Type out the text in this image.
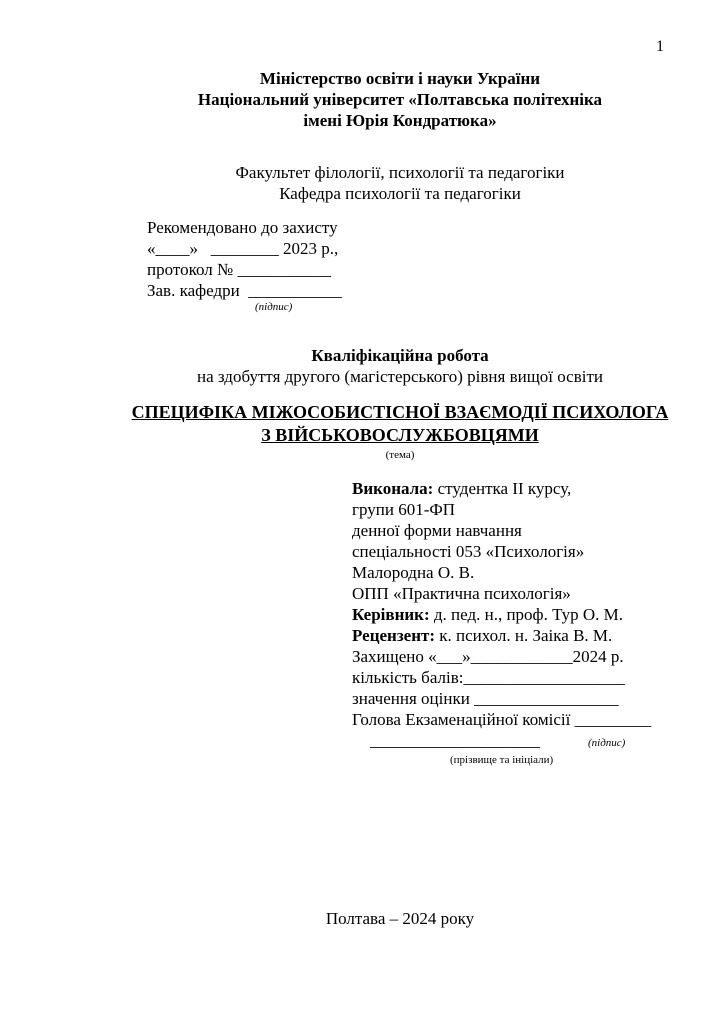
1
Міністерство освіти і науки України
Національний університет «Полтавська політехніка
імені Юрія Кондратюка»
Факультет філології, психології та педагогіки
Кафедра психології та педагогіки
Рекомендовано до захисту
«____»   ________ 2023 р.,
протокол № ___________
Зав. кафедри  ___________
(підпис)
Кваліфікаційна робота
на здобуття другого (магістерського) рівня вищої освіти
СПЕЦИФІКА МІЖОСОБИСТІСНОЇ ВЗАЄМОДІЇ ПСИХОЛОГА
З ВІЙСЬКОВОСЛУЖБОВЦЯМИ
(тема)
Виконала: студентка ІІ курсу,
групи 601-ФП
денної форми навчання
спеціальності 053 «Психологія»
Малородна О. В.
ОПП «Практична психологія»
Керівник: д. пед. н., проф. Тур О. М.
Рецензент: к. психол. н. Заіка В. М.
Захищено «___»____________2024 р.
кількість балів:___________________
значення оцінки _________________
Голова Екзаменаційної комісії _________
____________________	(підпис)
(прізвище та ініціали)
Полтава – 2024 року
